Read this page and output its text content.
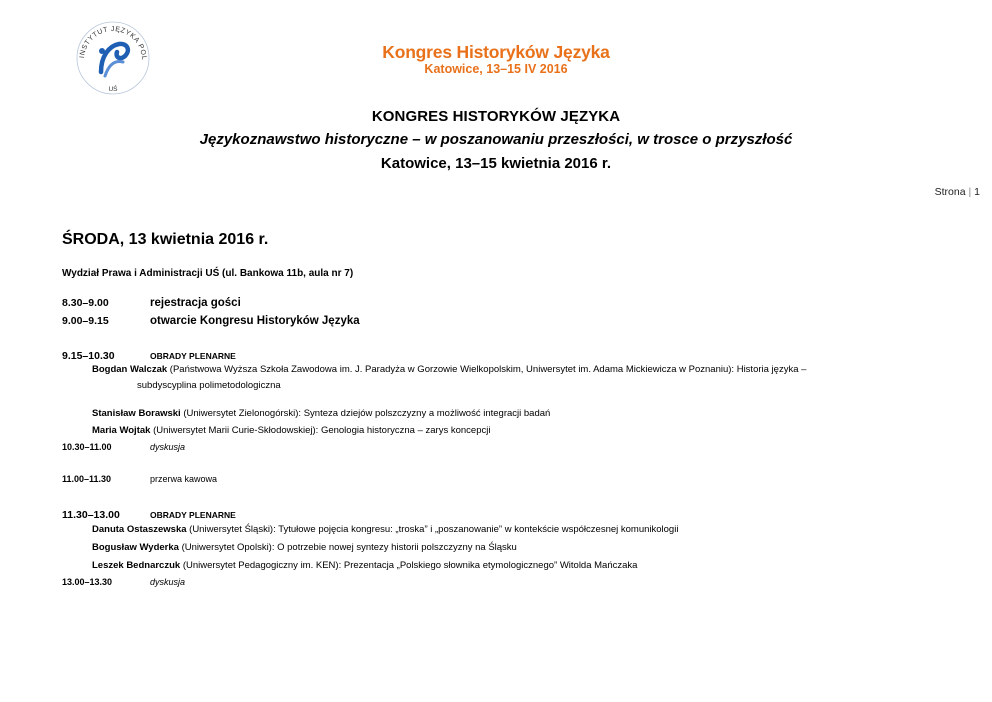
INSTYTUT JĘZYKA POL
UŚ
Kongres Historyków Języka
Katowice, 13–15 IV 2016
KONGRES HISTORYKÓW JĘZYKA
Językoznawstwo historyczne – w poszanowaniu przeszłości, w trosce o przyszłość
Katowice, 13–15 kwietnia 2016 r.
Strona | 1
ŚRODA, 13 kwietnia 2016 r.
Wydział Prawa i Administracji UŚ (ul. Bankowa 11b, aula nr 7)
8.30–9.00	rejestracja gości
9.00–9.15	otwarcie Kongresu Historyków Języka
9.15–10.30	OBRADY PLENARNE
Bogdan Walczak (Państwowa Wyższa Szkoła Zawodowa im. J. Paradyża w Gorzowie Wielkopolskim, Uniwersytet im. Adama Mickiewicza w Poznaniu): Historia języka –
subdyscyplina polimetodologiczna
Stanisław Borawski (Uniwersytet Zielonogórski): Synteza dziejów polszczyzny a możliwość integracji badań
Maria Wojtak (Uniwersytet Marii Curie-Skłodowskiej): Genologia historyczna – zarys koncepcji
10.30–11.00	dyskusja
11.00–11.30	przerwa kawowa
11.30–13.00	OBRADY PLENARNE
Danuta Ostaszewska (Uniwersytet Śląski): Tytułowe pojęcia kongresu: „troska” i „poszanowanie” w kontekście współczesnej komunikologii
Bogusław Wyderka (Uniwersytet Opolski): O potrzebie nowej syntezy historii polszczyzny na Śląsku
Leszek Bednarczuk (Uniwersytet Pedagogiczny im. KEN): Prezentacja „Polskiego słownika etymologicznego” Witolda Mańczaka
13.00–13.30	dyskusja
